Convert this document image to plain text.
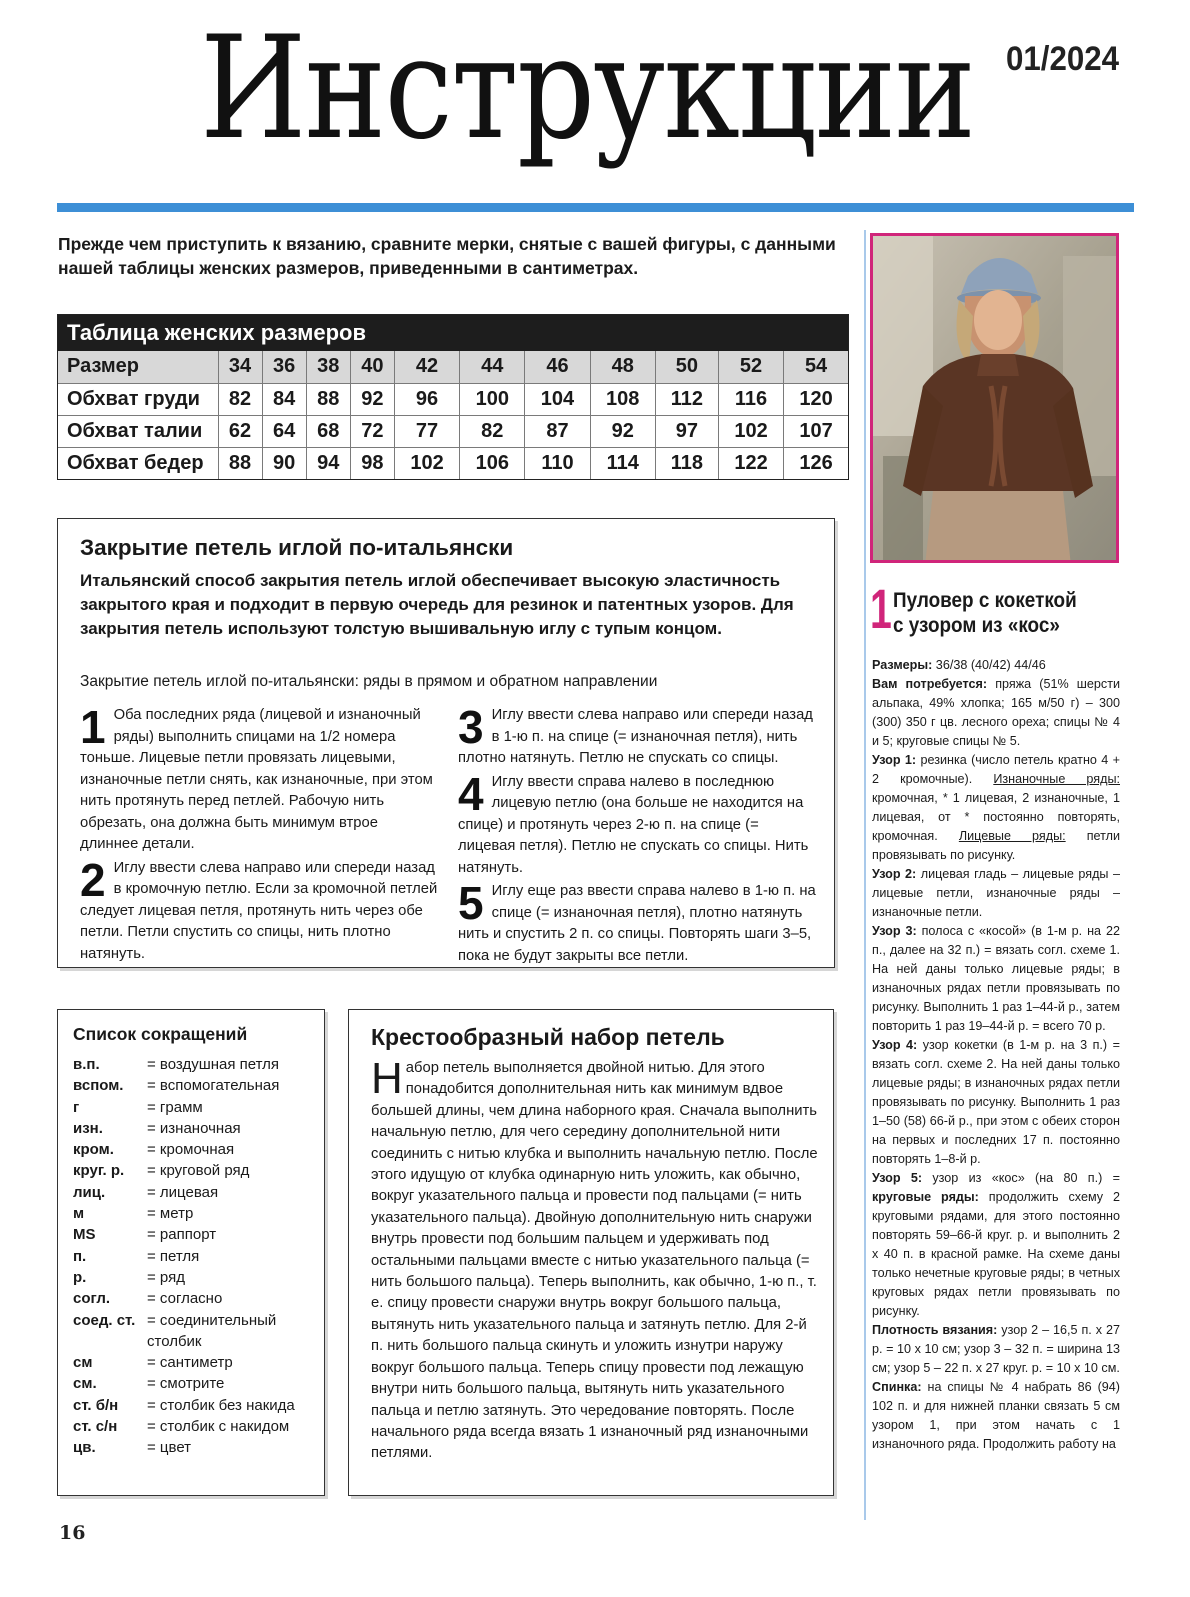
Инструкции 01/2024

Прежде чем приступить к вязанию, сравните мерки, снятые с вашей фигуры, с данными нашей таблицы женских размеров, приведенными в сантиметрах.

Таблица женских размеров
Размер	34	36	38	40	42	44	46	48	50	52	54
Обхват груди	82	84	88	92	96	100	104	108	112	116	120
Обхват талии	62	64	68	72	77	82	87	92	97	102	107
Обхват бедер	88	90	94	98	102	106	110	114	118	122	126
Закрытие петель иглой по-итальянски

Итальянский способ закрытия петель иглой обеспечивает высокую эластичность закрытого края и подходит в первую очередь для резинок и патентных узоров. Для закрытия петель используют толстую вышивальную иглу с тупым концом.

Закрытие петель иглой по-итальянски: ряды в прямом и обратном направлении

1 Оба последних ряда (лицевой и изнаночный ряды) выполнить спицами на 1/2 номера тоньше. Лицевые петли провязать лицевыми, изнаночные петли снять, как изнаночные, при этом нить протянуть перед петлей. Рабочую нить обрезать, она должна быть минимум втрое длиннее детали.

2 Иглу ввести слева направо или спереди назад в кромочную петлю. Если за кромочной петлей следует лицевая петля, протянуть нить через обе петли. Петли спустить со спицы, нить плотно натянуть.

3 Иглу ввести слева направо или спереди назад в 1-ю п. на спице (= изнаночная петля), нить плотно натянуть. Петлю не спускать со спицы.

4 Иглу ввести справа налево в последнюю лицевую петлю (она больше не находится на спице) и протянуть через 2-ю п. на спице (= лицевая петля). Петлю не спускать со спицы. Нить натянуть.

5 Иглу еще раз ввести справа налево в 1-ю п. на спице (= изнаночная петля), плотно натянуть нить и спустить 2 п. со спицы. Повторять шаги 3–5, пока не будут закрыты все петли.

Список сокращений
в.п.	= воздушная петля
вспом.	= вспомогательная
г	= грамм
изн.	= изнаночная
кром.	= кромочная
круг. р.	= круговой ряд
лиц.	= лицевая
м	= метр
MS	= раппорт
п.	= петля
р.	= ряд
согл.	= согласно
соед. ст. = соединительный столбик
см	= сантиметр
см.	= смотрите
ст. б/н	= столбик без накида
ст. с/н	= столбик с накидом
цв.	= цвет
Крестообразный набор петель

Набор петель выполняется двойной нитью. Для этого понадобится дополнительная нить как минимум вдвое большей длины, чем длина наборного края. Сначала выполнить начальную петлю, для чего середину дополнительной нити соединить с нитью клубка и выполнить начальную петлю. После этого идущую от клубка одинарную нить уложить, как обычно, вокруг указательного пальца и провести под пальцами (= нить указательного пальца). Двойную дополнительную нить снаружи внутрь провести под большим пальцем и удерживать под остальными пальцами вместе с нитью указательного пальца (= нить большого пальца). Теперь выполнить, как обычно, 1-ю п., т. е. спицу провести снаружи внутрь вокруг большого пальца, вытянуть нить указательного пальца и затянуть петлю. Для 2-й п. нить большого пальца скинуть и уложить изнутри наружу вокруг большого пальца. Теперь спицу провести под лежащую внутри нить большого пальца, вытянуть нить указательного пальца и петлю затянуть. Это чередование повторять. После начального ряда всегда вязать 1 изнаночный ряд изнаночными петлями.

1 Пуловер с кокеткой
с узором из «кос»
Размеры: 36/38 (40/42) 44/46
Вам потребуется: пряжа (51% шерсти альпака, 49% хлопка; 165 м/50 г) – 300 (300) 350 г цв. лесного ореха; спицы № 4 и 5; круговые спицы № 5.
Узор 1: резинка (число петель кратно 4 + 2 кромочные). Изнаночные ряды: кромочная, * 1 лицевая, 2 изнаночные, 1 лицевая, от * постоянно повторять, кромочная. Лицевые ряды: петли провязывать по рисунку.
Узор 2: лицевая гладь – лицевые ряды – лицевые петли, изнаночные ряды – изнаночные петли.
Узор 3: полоса с «косой» (в 1-м р. на 22 п., далее на 32 п.) = вязать согл. схеме 1. На ней даны только лицевые ряды; в изнаночных рядах петли провязывать по рисунку. Выполнить 1 раз 1–44-й р., затем повторить 1 раз 19–44-й р. = всего 70 р.
Узор 4: узор кокетки (в 1-м р. на 3 п.) = вязать согл. схеме 2. На ней даны только лицевые ряды; в изнаночных рядах петли провязывать по рисунку. Выполнить 1 раз 1–50 (58) 66-й р., при этом с обеих сторон на первых и последних 17 п. постоянно повторять 1–8-й р.
Узор 5: узор из «кос» (на 80 п.) = круговые ряды: продолжить схему 2 круговыми рядами, для этого постоянно повторять 59–66-й круг. р. и выполнить 2 х 40 п. в красной рамке. На схеме даны только нечетные круговые ряды; в четных круговых рядах петли провязывать по рисунку.
Плотность вязания: узор 2 – 16,5 п. х 27 р. = 10 х 10 см; узор 3 – 32 п. = ширина 13 см; узор 5 – 22 п. х 27 круг. р. = 10 х 10 см.
Спинка: на спицы № 4 набрать 86 (94) 102 п. и для нижней планки связать 5 см узором 1, при этом начать с 1 изнаночного ряда. Продолжить работу на
16
